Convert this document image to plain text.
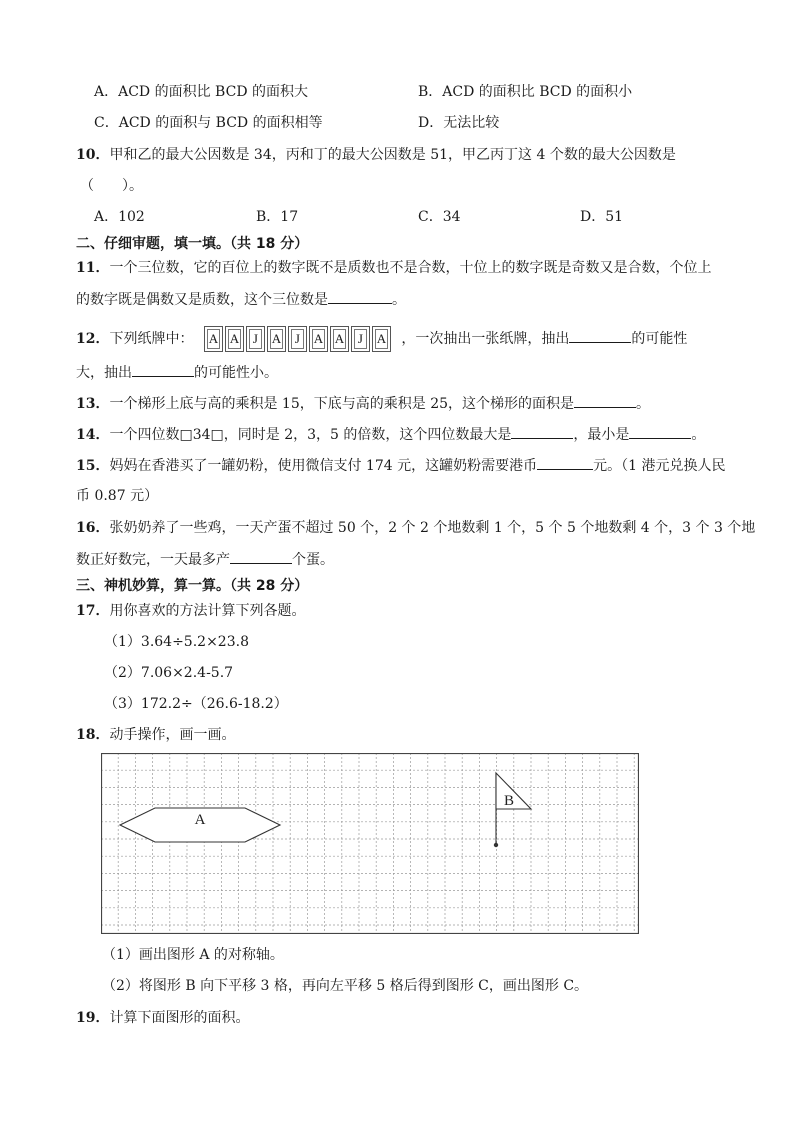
A．ACD 的面积比 BCD 的面积大	B．ACD 的面积比 BCD 的面积小
C．ACD 的面积与 BCD 的面积相等	D．无法比较
10．甲和乙的最大公因数是 34，丙和丁的最大公因数是 51，甲乙丙丁这 4 个数的最大公因数是
（　　）。
A．102	B．17	C．34	D．51
二、仔细审题，填一填。（共 18 分）
11．一个三位数，它的百位上的数字既不是质数也不是合数，十位上的数字既是奇数又是合数，个位上
的数字既是偶数又是质数，这个三位数是	。
12．下列纸牌中：	A A	J	A	J	A A	J	A	，一次抽出一张纸牌，抽出	的可能性
大，抽出	的可能性小。
13．一个梯形上底与高的乘积是 15，下底与高的乘积是 25，这个梯形的面积是	。
14．一个四位数□34□，同时是 2，3，5 的倍数，这个四位数最大是	，最小是	。
15．妈妈在香港买了一罐奶粉，使用微信支付 174 元，这罐奶粉需要港币	元。（1 港元兑换人民
币 0.87 元）
16．张奶奶养了一些鸡，一天产蛋不超过 50 个，2 个 2 个地数剩 1 个，5 个 5 个地数剩 4 个，3 个 3 个地
数正好数完，一天最多产	个蛋。
三、神机妙算，算一算。（共 28 分）
17．用你喜欢的方法计算下列各题。
（1）3.64÷5.2×23.8
（2）7.06×2.4-5.7
（3）172.2÷（26.6-18.2）
18．动手操作，画一画。
A
B
（1）画出图形 A 的对称轴。
（2）将图形 B 向下平移 3 格，再向左平移 5 格后得到图形 C，画出图形 C。
19．计算下面图形的面积。
